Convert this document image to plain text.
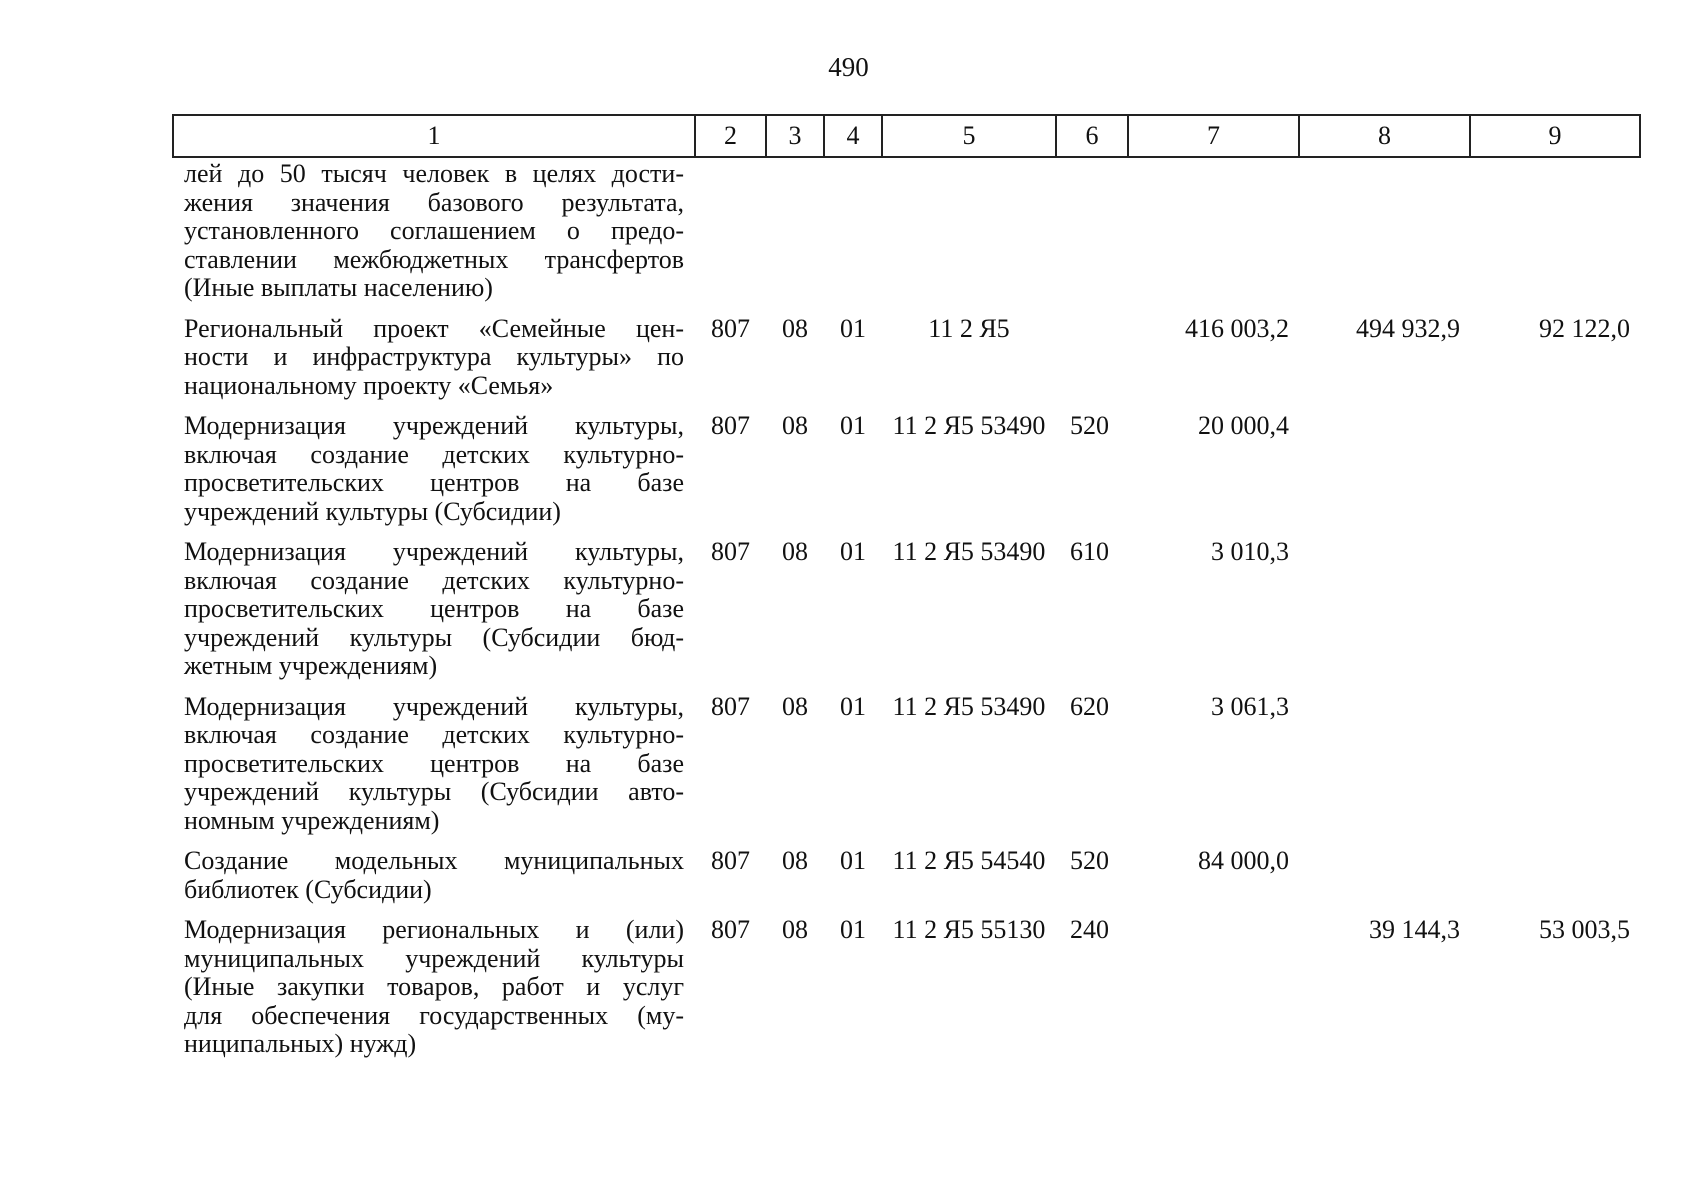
490
1	2	3	4	5	6	7	8	9

лей до 50 тысяч человек в целях дости-
жения значения базового результата,
установленного соглашением о предо-
ставлении межбюджетных трансфертов
(Иные выплаты населению)								

Региональный проект «Семейные цен-
ности и инфраструктура культуры» по
национальному проекту «Семья»	807	08	01	11 2 Я5		416 003,2	494 932,9	92 122,0

Модернизация учреждений культуры,
включая создание детских культурно-
просветительских центров на базе
учреждений культуры (Субсидии)	807	08	01	11 2 Я5 53490	520	20 000,4		

Модернизация учреждений культуры,
включая создание детских культурно-
просветительских центров на базе
учреждений культуры (Субсидии бюд-
жетным учреждениям)	807	08	01	11 2 Я5 53490	610	3 010,3		

Модернизация учреждений культуры,
включая создание детских культурно-
просветительских центров на базе
учреждений культуры (Субсидии авто-
номным учреждениям)	807	08	01	11 2 Я5 53490	620	3 061,3		

Создание модельных муниципальных
библиотек (Субсидии)	807	08	01	11 2 Я5 54540	520	84 000,0		

Модернизация региональных и (или)
муниципальных учреждений культуры
(Иные закупки товаров, работ и услуг
для обеспечения государственных (му-
ниципальных) нужд)	807	08	01	11 2 Я5 55130	240		39 144,3	53 003,5
